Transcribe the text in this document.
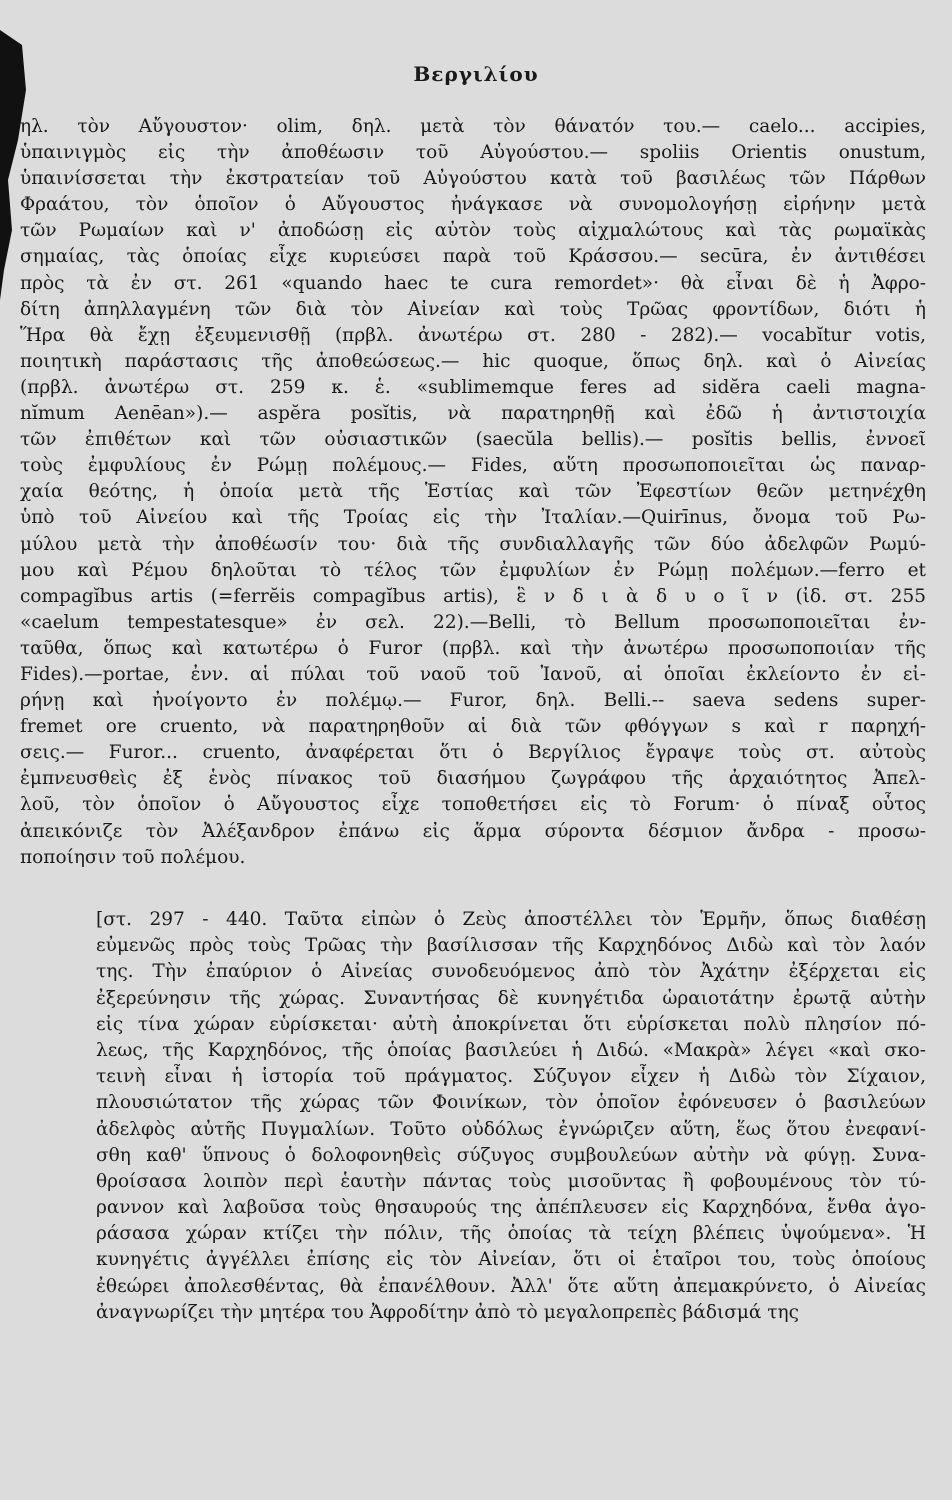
Βεργιλίου
ηλ. τὸν Αὔγουστον· olim, δηλ. μετὰ τὸν θάνατόν του.— caelo... accipies,
ὑπαινιγμὸς εἰς τὴν ἀποθέωσιν τοῦ Αὐγούστου.— spoliis Orientis onustum,
ὑπαινίσσεται τὴν ἐκστρατείαν τοῦ Αὐγούστου κατὰ τοῦ βασιλέως τῶν Πάρθων
Φραάτου, τὸν ὁποῖον ὁ Αὔγουστος ἠνάγκασε νὰ συνομολογήσῃ εἰρήνην μετὰ
τῶν Ρωμαίων καὶ ν' ἀποδώσῃ εἰς αὐτὸν τοὺς αἰχμαλώτους καὶ τὰς ρωμαϊκὰς
σημαίας, τὰς ὁποίας εἶχε κυριεύσει παρὰ τοῦ Κράσσου.— secūra, ἐν ἀντιθέσει
πρὸς τὰ ἐν στ. 261 «quando haec te cura remordet»· θὰ εἶναι δὲ ἡ Ἀφρο-
δίτη ἀπηλλαγμένη τῶν διὰ τὸν Αἰνείαν καὶ τοὺς Τρῶας φροντίδων, διότι ἡ
Ἥρα θὰ ἔχῃ ἐξευμενισθῇ (πρβλ. ἀνωτέρω στ. 280 - 282).— vocabĭtur votis,
ποιητικὴ παράστασις τῆς ἀποθεώσεως.— hic quoque, ὅπως δηλ. καὶ ὁ Αἰνείας
(πρβλ. ἀνωτέρω στ. 259 κ. ἑ. «sublimemque feres ad sidĕra caeli magna-
nĭmum Aenēan»).— aspĕra posĭtis, νὰ παρατηρηθῇ καὶ ἐδῶ ἡ ἀντιστοιχία
τῶν ἐπιθέτων καὶ τῶν οὐσιαστικῶν (saecŭla bellis).— posĭtis bellis, ἐννοεῖ
τοὺς ἐμφυλίους ἐν Ρώμῃ πολέμους.— Fides, αὕτη προσωποποιεῖται ὡς παναρ-
χαία θεότης, ἡ ὁποία μετὰ τῆς Ἑστίας καὶ τῶν Ἐφεστίων θεῶν μετηνέχθη
ὑπὸ τοῦ Αἰνείου καὶ τῆς Τροίας εἰς τὴν Ἰταλίαν.—Quirīnus, ὄνομα τοῦ Ρω-
μύλου μετὰ τὴν ἀποθέωσίν του· διὰ τῆς συνδιαλλαγῆς τῶν δύο ἀδελφῶν Ρωμύ-
μου καὶ Ρέμου δηλοῦται τὸ τέλος τῶν ἐμφυλίων ἐν Ρώμῃ πολέμων.—ferro et
compagĭbus artis (=ferrĕis compagĭbus artis), ἓ ν δ ι ὰ δ υ ο ῖ ν (ἰδ. στ. 255
«caelum tempestatesque» ἐν σελ. 22).—Belli, τὸ Bellum προσωποποιεῖται ἐν-
ταῦθα, ὅπως καὶ κατωτέρω ὁ Furor (πρβλ. καὶ τὴν ἀνωτέρω προσωποποιίαν τῆς
Fides).—portae, ἐνν. αἱ πύλαι τοῦ ναοῦ τοῦ Ἰανοῦ, αἱ ὁποῖαι ἐκλείοντο ἐν εἰ-
ρήνῃ καὶ ἠνοίγοντο ἐν πολέμῳ.— Furor, δηλ. Belli.-- saeva sedens super-
fremet ore cruento, νὰ παρατηρηθοῦν αἱ διὰ τῶν φθόγγων s καὶ r παρηχή-
σεις.— Furor... cruento, ἀναφέρεται ὅτι ὁ Βεργίλιος ἔγραψε τοὺς στ. αὐτοὺς
ἐμπνευσθεὶς ἐξ ἑνὸς πίνακος τοῦ διασήμου ζωγράφου τῆς ἀρχαιότητος Ἀπελ-
λοῦ, τὸν ὁποῖον ὁ Αὔγουστος εἶχε τοποθετήσει εἰς τὸ Forum· ὁ πίναξ οὗτος
ἀπεικόνιζε τὸν Ἀλέξανδρον ἐπάνω εἰς ἅρμα σύροντα δέσμιον ἄνδρα - προσω-
ποποίησιν τοῦ πολέμου.
[στ. 297 - 440. Ταῦτα εἰπὼν ὁ Ζεὺς ἀποστέλλει τὸν Ἑρμῆν, ὅπως διαθέσῃ
εὐμενῶς πρὸς τοὺς Τρῶας τὴν βασίλισσαν τῆς Καρχηδόνος Διδὼ καὶ τὸν λαόν
της. Τὴν ἐπαύριον ὁ Αἰνείας συνοδευόμενος ἀπὸ τὸν Ἀχάτην ἐξέρχεται εἰς
ἐξερεύνησιν τῆς χώρας. Συναντήσας δὲ κυνηγέτιδα ὡραιοτάτην ἐρωτᾷ αὐτὴν
εἰς τίνα χώραν εὑρίσκεται· αὐτὴ ἀποκρίνεται ὅτι εὑρίσκεται πολὺ πλησίον πό-
λεως, τῆς Καρχηδόνος, τῆς ὁποίας βασιλεύει ἡ Διδώ. «Μακρὰ» λέγει «καὶ σκο-
τεινὴ εἶναι ἡ ἱστορία τοῦ πράγματος. Σύζυγον εἶχεν ἡ Διδὼ τὸν Σίχαιον,
πλουσιώτατον τῆς χώρας τῶν Φοινίκων, τὸν ὁποῖον ἐφόνευσεν ὁ βασιλεύων
ἀδελφὸς αὐτῆς Πυγμαλίων. Τοῦτο οὐδόλως ἐγνώριζεν αὕτη, ἕως ὅτου ἐνεφανί-
σθη καθ' ὕπνους ὁ δολοφονηθεὶς σύζυγος συμβουλεύων αὐτὴν νὰ φύγῃ. Συνα-
θροίσασα λοιπὸν περὶ ἑαυτὴν πάντας τοὺς μισοῦντας ἢ φοβουμένους τὸν τύ-
ραννον καὶ λαβοῦσα τοὺς θησαυρούς της ἀπέπλευσεν εἰς Καρχηδόνα, ἔνθα ἀγο-
ράσασα χώραν κτίζει τὴν πόλιν, τῆς ὁποίας τὰ τείχη βλέπεις ὑψούμενα». Ἡ
κυνηγέτις ἀγγέλλει ἐπίσης εἰς τὸν Αἰνείαν, ὅτι οἱ ἑταῖροι του, τοὺς ὁποίους
ἐθεώρει ἀπολεσθέντας, θὰ ἐπανέλθουν. Ἀλλ' ὅτε αὕτη ἀπεμακρύνετο, ὁ Αἰνείας
ἀναγνωρίζει τὴν μητέρα του Ἀφροδίτην ἀπὸ τὸ μεγαλοπρεπὲς βάδισμά της
